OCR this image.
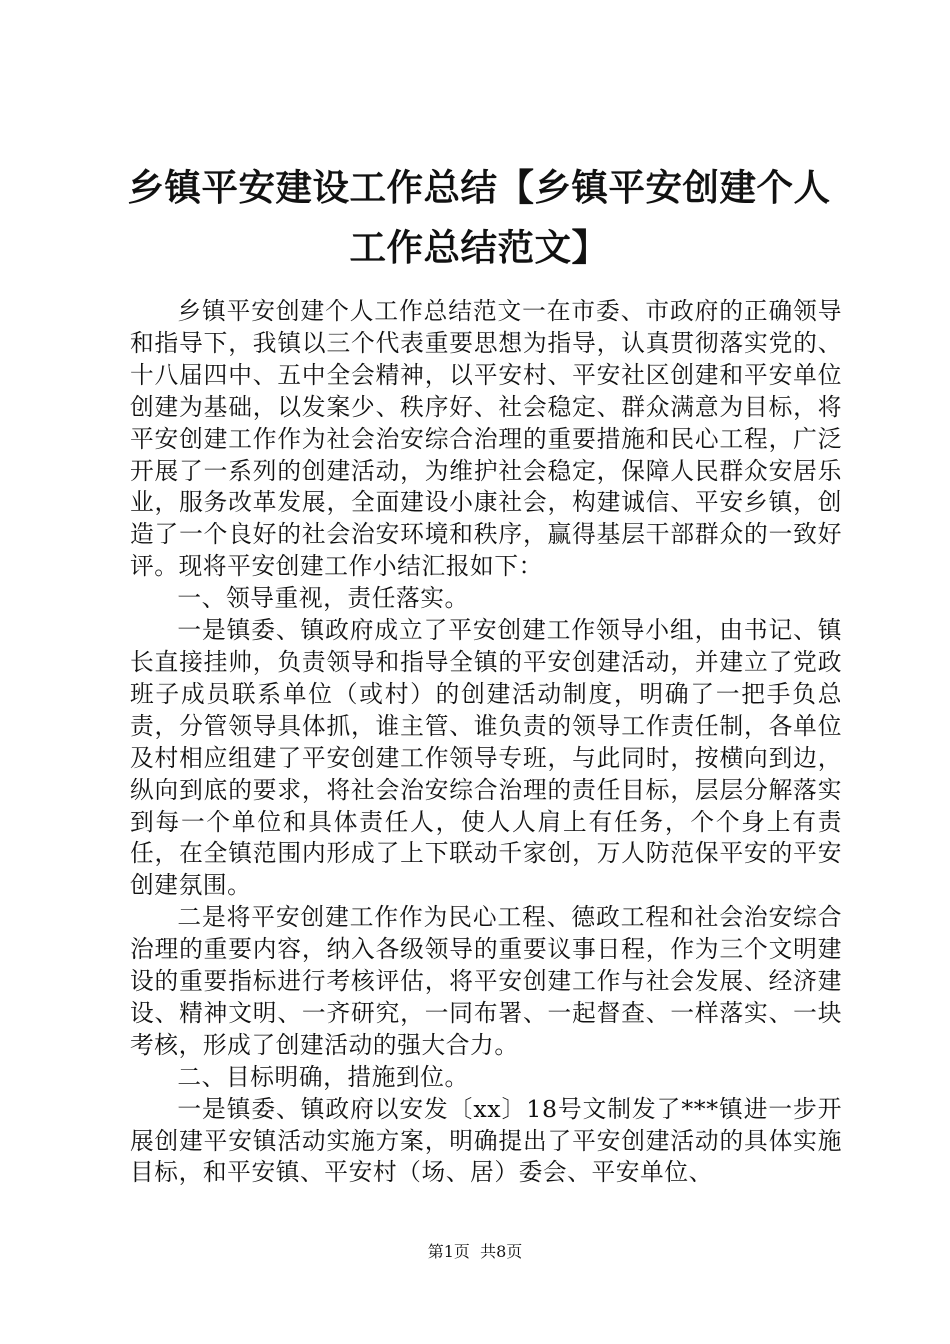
乡镇平安建设工作总结【乡镇平安创建个人工作总结范文】

乡镇平安创建个人工作总结范文一在市委、市政府的正确领导和指导下，我镇以三个代表重要思想为指导，认真贯彻落实党的、十八届四中、五中全会精神，以平安村、平安社区创建和平安单位创建为基础，以发案少、秩序好、社会稳定、群众满意为目标，将平安创建工作作为社会治安综合治理的重要措施和民心工程，广泛开展了一系列的创建活动，为维护社会稳定，保障人民群众安居乐业，服务改革发展，全面建设小康社会，构建诚信、平安乡镇，创造了一个良好的社会治安环境和秩序，赢得基层干部群众的一致好评。现将平安创建工作小结汇报如下：

一、领导重视，责任落实。

一是镇委、镇政府成立了平安创建工作领导小组，由书记、镇长直接挂帅，负责领导和指导全镇的平安创建活动，并建立了党政班子成员联系单位（或村）的创建活动制度，明确了一把手负总责，分管领导具体抓，谁主管、谁负责的领导工作责任制，各单位及村相应组建了平安创建工作领导专班，与此同时，按横向到边，纵向到底的要求，将社会治安综合治理的责任目标，层层分解落实到每一个单位和具体责任人，使人人肩上有任务，个个身上有责任，在全镇范围内形成了上下联动千家创，万人防范保平安的平安创建氛围。

二是将平安创建工作作为民心工程、德政工程和社会治安综合治理的重要内容，纳入各级领导的重要议事日程，作为三个文明建设的重要指标进行考核评估，将平安创建工作与社会发展、经济建设、精神文明、一齐研究，一同布署、一起督查、一样落实、一块考核，形成了创建活动的强大合力。

二、目标明确，措施到位。

一是镇委、镇政府以安发〔xx〕18号文制发了***镇进一步开展创建平安镇活动实施方案，明确提出了平安创建活动的具体实施目标，和平安镇、平安村（场、居）委会、平安单位、

第1页  共8页
